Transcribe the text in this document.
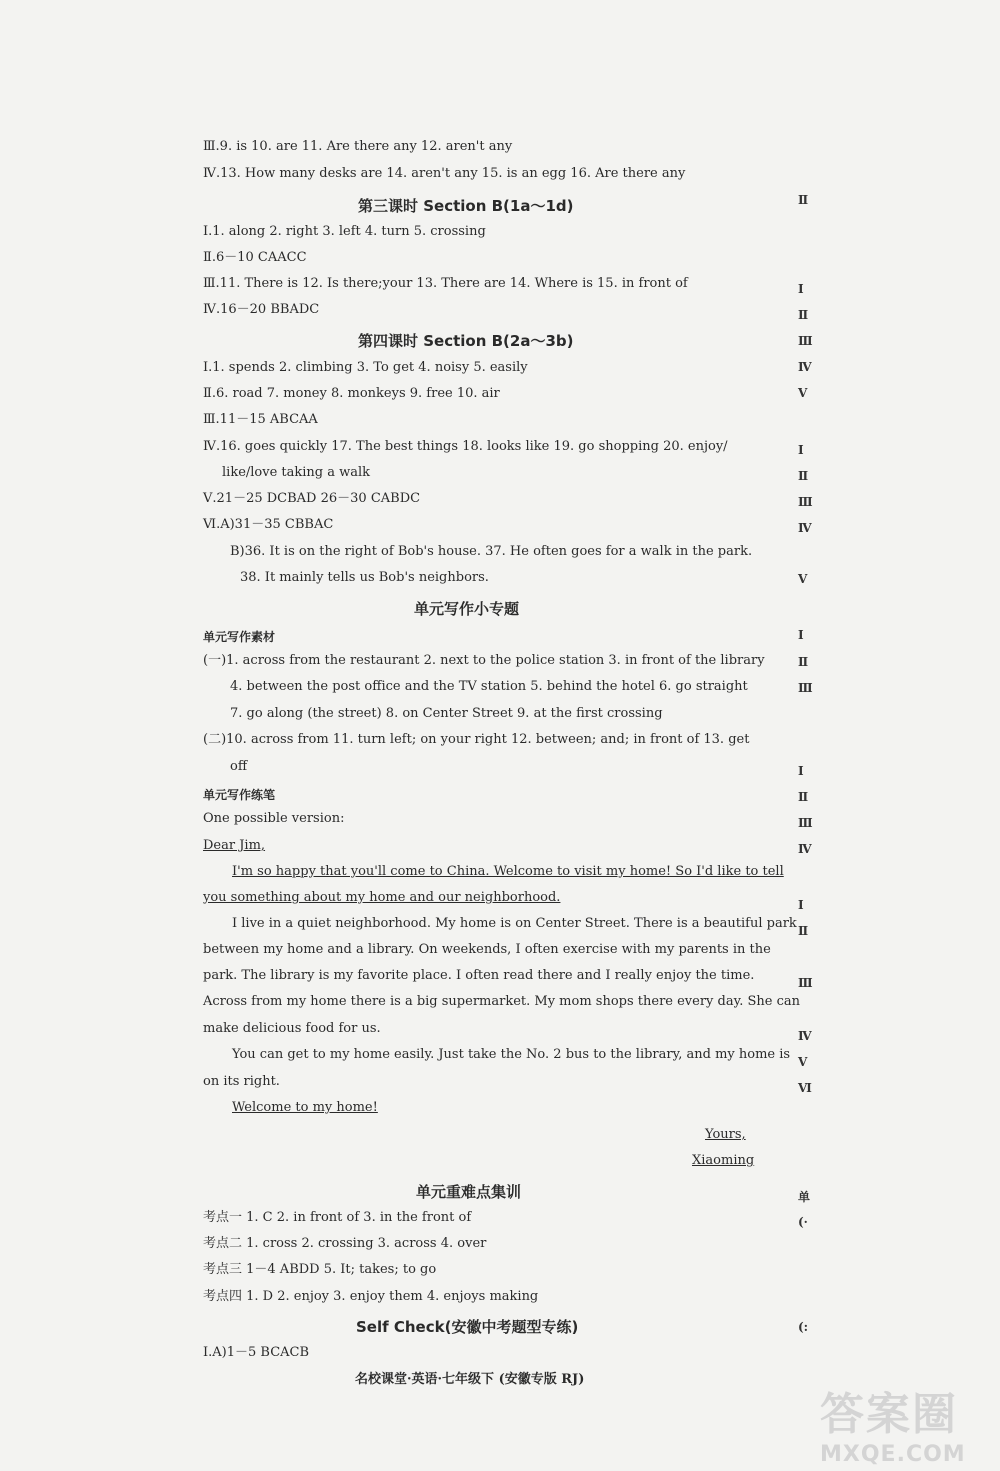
Ⅲ.9. is 10. are 11. Are there any 12. aren't any
Ⅳ.13. How many desks are 14. aren't any 15. is an egg 16. Are there any
第三课时 Section B(1a～1d)
Ⅰ.1. along 2. right 3. left 4. turn 5. crossing
Ⅱ.6－10 CAACC
Ⅲ.11. There is 12. Is there;your 13. There are 14. Where is 15. in front of
Ⅳ.16－20 BBADC
第四课时 Section B(2a～3b)
Ⅰ.1. spends 2. climbing 3. To get 4. noisy 5. easily
Ⅱ.6. road 7. money 8. monkeys 9. free 10. air
Ⅲ.11－15 ABCAA
Ⅳ.16. goes quickly 17. The best things 18. looks like 19. go shopping 20. enjoy/
like/love taking a walk
Ⅴ.21－25 DCBAD 26－30 CABDC
Ⅵ.A)31－35 CBBAC
B)36. It is on the right of Bob's house. 37. He often goes for a walk in the park.
38. It mainly tells us Bob's neighbors.
单元写作小专题
单元写作素材
(一)1. across from the restaurant 2. next to the police station 3. in front of the library
4. between the post office and the TV station 5. behind the hotel 6. go straight
7. go along (the street) 8. on Center Street 9. at the first crossing
(二)10. across from 11. turn left; on your right 12. between; and; in front of 13. get
off
单元写作练笔
One possible version:
Dear Jim,
I'm so happy that you'll come to China. Welcome to visit my home! So I'd like to tell
you something about my home and our neighborhood.
I live in a quiet neighborhood. My home is on Center Street. There is a beautiful park
between my home and a library. On weekends, I often exercise with my parents in the
park. The library is my favorite place. I often read there and I really enjoy the time.
Across from my home there is a big supermarket. My mom shops there every day. She can
make delicious food for us.
You can get to my home easily. Just take the No. 2 bus to the library, and my home is
on its right.
Welcome to my home!
Yours,
Xiaoming
单元重难点集训
考点一 1. C 2. in front of 3. in the front of
考点二 1. cross 2. crossing 3. across 4. over
考点三 1－4 ABDD 5. It; takes; to go
考点四 1. D 2. enjoy 3. enjoy them 4. enjoys making
Self Check(安徽中考题型专练)
Ⅰ.A)1－5 BCACB
名校课堂·英语·七年级下 (安徽专版 RJ)
Ⅱ
Ⅰ
Ⅱ
Ⅲ
Ⅳ
Ⅴ
Ⅰ
Ⅱ
Ⅲ
Ⅳ
Ⅴ
Ⅰ
Ⅱ
Ⅲ
Ⅰ
Ⅱ
Ⅲ
Ⅳ
Ⅰ
Ⅱ
Ⅲ
Ⅳ
Ⅴ
Ⅵ
单
(·
(:
答案圈
MXQE.COM
